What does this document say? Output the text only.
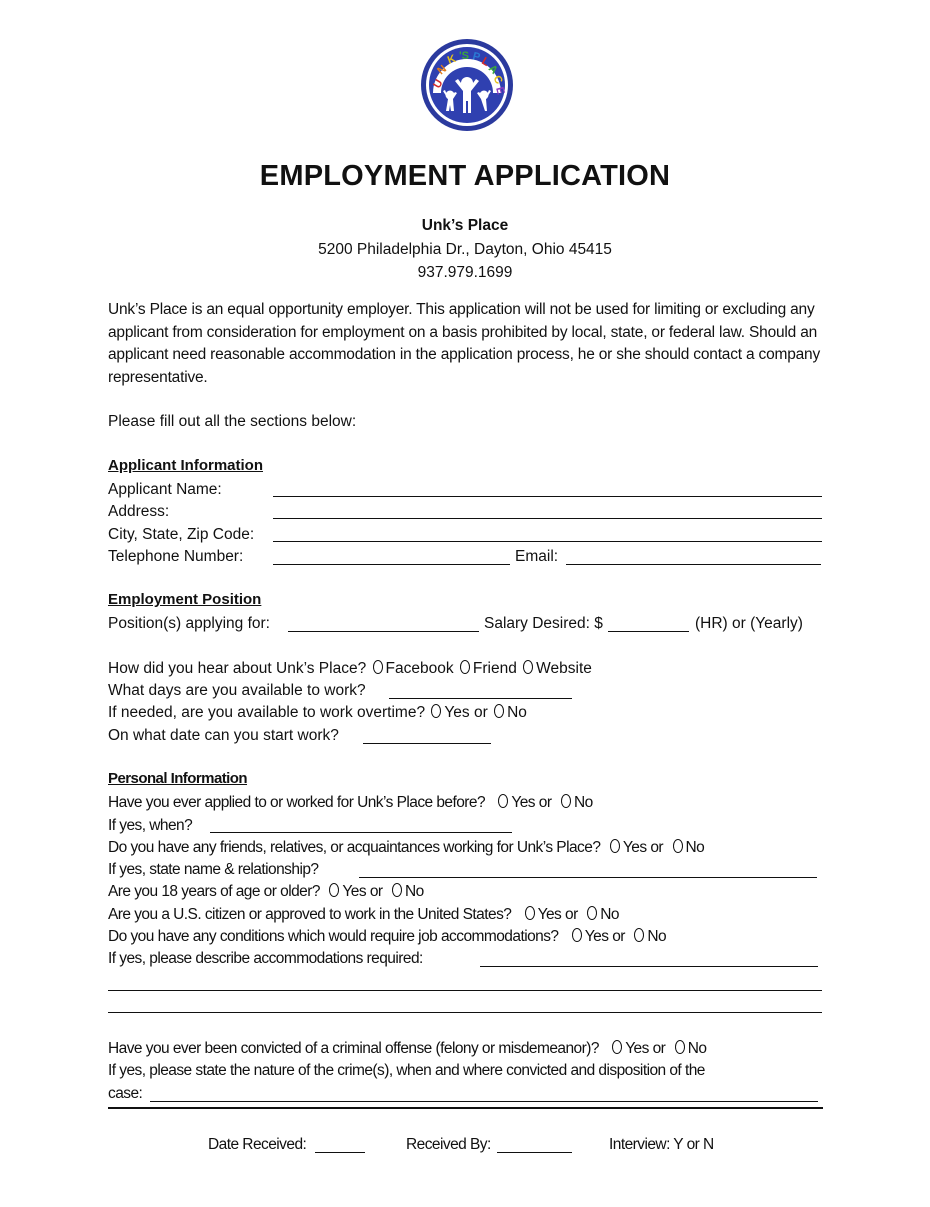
U
N
K 'S P
L
A
C
E
EMPLOYMENT APPLICATION
Unk’s Place
5200 Philadelphia Dr., Dayton, Ohio 45415
937.979.1699
Unk’s Place is an equal opportunity employer. This application will not be used for limiting or excluding any applicant from consideration for employment on a basis prohibited by local, state, or federal law. Should an applicant need reasonable accommodation in the application process, he or she should contact a company representative.
Please fill out all the sections below:
Applicant Information
Applicant Name:
Address:
City, State, Zip Code:
Telephone Number:	Email:
Employment Position
Position(s) applying for:	Salary Desired: $	(HR) or (Yearly)
How did you hear about Unk’s Place? Facebook Friend Website
What days are you available to work?
If needed, are you available to work overtime? Yes or No
On what date can you start work?
Personal Information
Have you ever applied to or worked for Unk’s Place before? Yes or No
If yes, when?
Do you have any friends, relatives, or acquaintances working for Unk’s Place? Yes or No
If yes, state name & relationship?
Are you 18 years of age or older? Yes or No
Are you a U.S. citizen or approved to work in the United States? Yes or No
Do you have any conditions which would require job accommodations? Yes or No
If yes, please describe accommodations required:
Have you ever been convicted of a criminal offense (felony or misdemeanor)? Yes or No
If yes, please state the nature of the crime(s), when and where convicted and disposition of the
case:
Date Received:	Received By:	Interview: Y or N
